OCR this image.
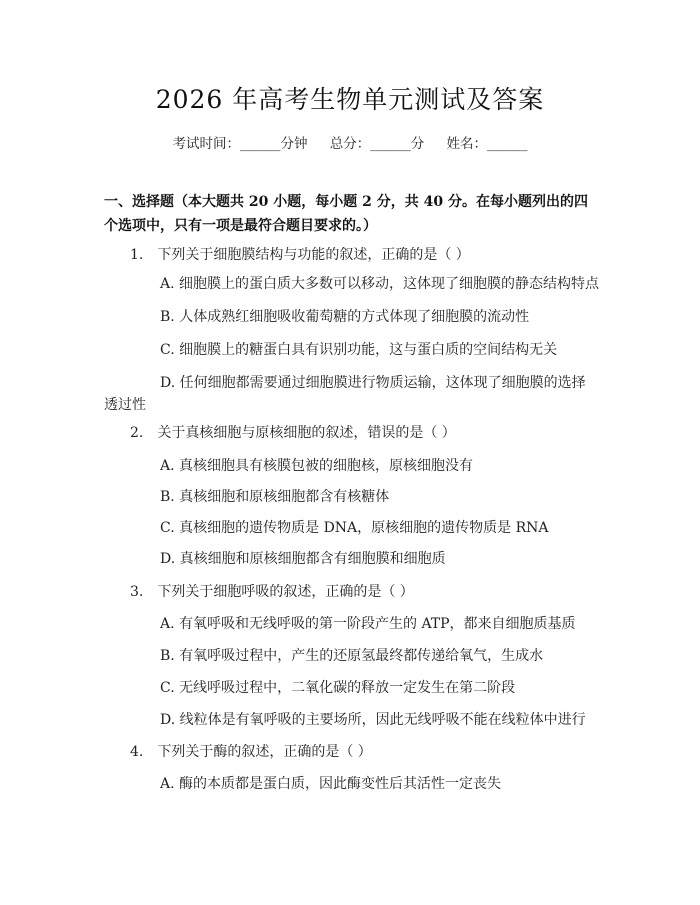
2026 年高考生物单元测试及答案
考试时间：______分钟 总分：______分 姓名：______
一、选择题（本大题共 20 小题，每小题 2 分，共 40 分。在每小题列出的四个选项中，只有一项是最符合题目要求的。）
1.　下列关于细胞膜结构与功能的叙述，正确的是（ ）
A. 细胞膜上的蛋白质大多数可以移动，这体现了细胞膜的静态结构特点
B. 人体成熟红细胞吸收葡萄糖的方式体现了细胞膜的流动性
C. 细胞膜上的糖蛋白具有识别功能，这与蛋白质的空间结构无关
D. 任何细胞都需要通过细胞膜进行物质运输，这体现了细胞膜的选择透过性
2.　关于真核细胞与原核细胞的叙述，错误的是（ ）
A. 真核细胞具有核膜包被的细胞核，原核细胞没有
B. 真核细胞和原核细胞都含有核糖体
C. 真核细胞的遗传物质是 DNA，原核细胞的遗传物质是 RNA
D. 真核细胞和原核细胞都含有细胞膜和细胞质
3.　下列关于细胞呼吸的叙述，正确的是（ ）
A. 有氧呼吸和无线呼吸的第一阶段产生的 ATP，都来自细胞质基质
B. 有氧呼吸过程中，产生的还原氢最终都传递给氧气，生成水
C. 无线呼吸过程中，二氧化碳的释放一定发生在第二阶段
D. 线粒体是有氧呼吸的主要场所，因此无线呼吸不能在线粒体中进行
4.　下列关于酶的叙述，正确的是（ ）
A. 酶的本质都是蛋白质，因此酶变性后其活性一定丧失
